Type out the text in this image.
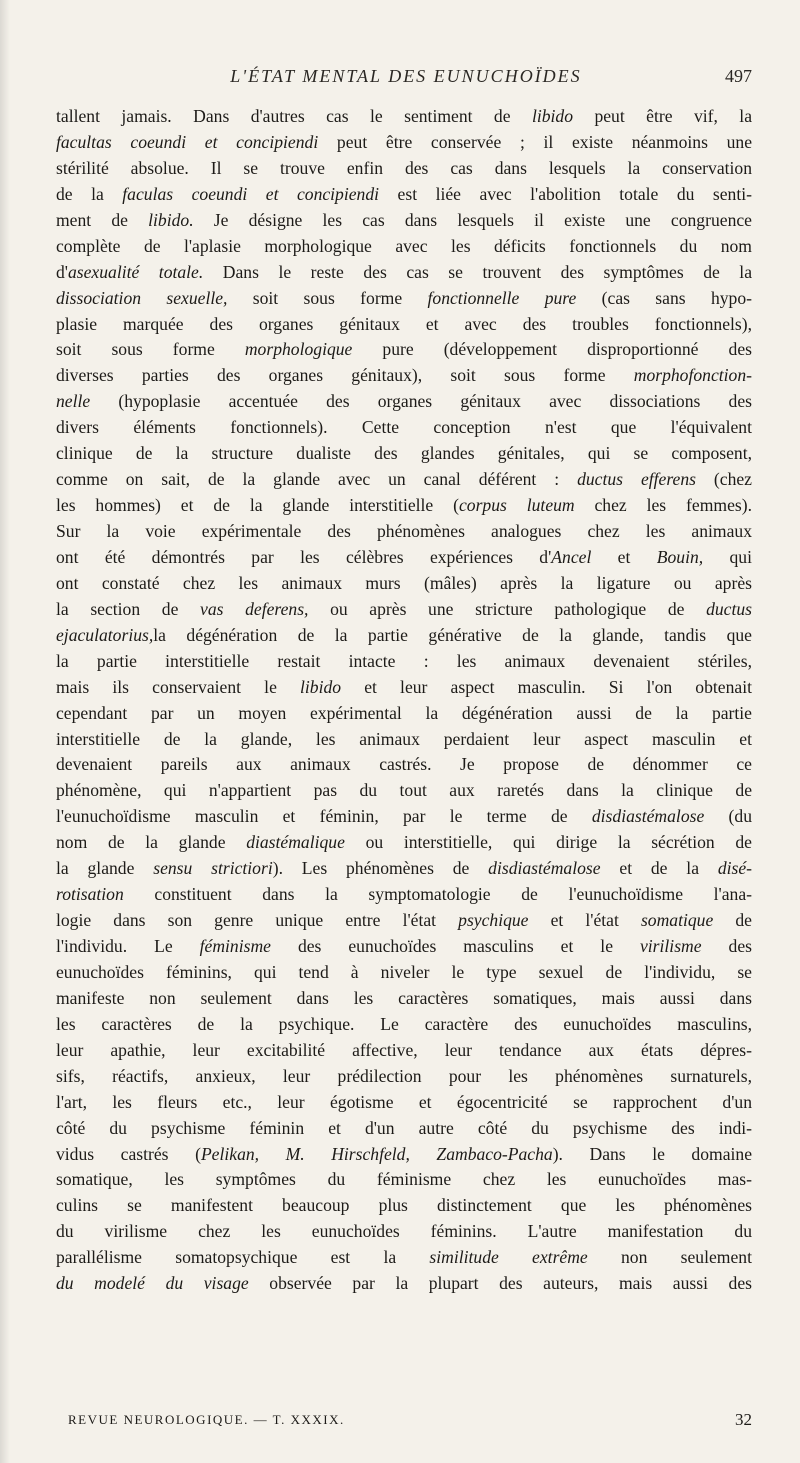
L'ÉTAT MENTAL DES EUNUCHOÏDES	497
tallent jamais. Dans d'autres cas le sentiment de libido peut être vif, la
facultas coeundi et concipiendi peut être conservée ; il existe néanmoins une
stérilité absolue. Il se trouve enfin des cas dans lesquels la conservation
de la faculas coeundi et concipiendi est liée avec l'abolition totale du senti-
ment de libido. Je désigne les cas dans lesquels il existe une congruence
complète de l'aplasie morphologique avec les déficits fonctionnels du nom
d'asexualité totale. Dans le reste des cas se trouvent des symptômes de la
dissociation sexuelle, soit sous forme fonctionnelle pure (cas sans hypo-
plasie marquée des organes génitaux et avec des troubles fonctionnels),
soit sous forme morphologique pure (développement disproportionné des
diverses parties des organes génitaux), soit sous forme morphofonction-
nelle (hypoplasie accentuée des organes génitaux avec dissociations des
divers éléments fonctionnels). Cette conception n'est que l'équivalent
clinique de la structure dualiste des glandes génitales, qui se composent,
comme on sait, de la glande avec un canal déférent : ductus efferens (chez
les hommes) et de la glande interstitielle (corpus luteum chez les femmes).
Sur la voie expérimentale des phénomènes analogues chez les animaux
ont été démontrés par les célèbres expériences d'Ancel et Bouin, qui
ont constaté chez les animaux murs (mâles) après la ligature ou après
la section de vas deferens, ou après une stricture pathologique de ductus
ejaculatorius,la dégénération de la partie générative de la glande, tandis que
la partie interstitielle restait intacte : les animaux devenaient stériles,
mais ils conservaient le libido et leur aspect masculin. Si l'on obtenait
cependant par un moyen expérimental la dégénération aussi de la partie
interstitielle de la glande, les animaux perdaient leur aspect masculin et
devenaient pareils aux animaux castrés. Je propose de dénommer ce
phénomène, qui n'appartient pas du tout aux raretés dans la clinique de
l'eunuchoïdisme masculin et féminin, par le terme de disdiastémalose (du
nom de la glande diastémalique ou interstitielle, qui dirige la sécrétion de
la glande sensu strictiori). Les phénomènes de disdiastémalose et de la disé-
rotisation constituent dans la symptomatologie de l'eunuchoïdisme l'ana-
logie dans son genre unique entre l'état psychique et l'état somatique de
l'individu. Le féminisme des eunuchoïdes masculins et le virilisme des
eunuchoïdes féminins, qui tend à niveler le type sexuel de l'individu, se
manifeste non seulement dans les caractères somatiques, mais aussi dans
les caractères de la psychique. Le caractère des eunuchoïdes masculins,
leur apathie, leur excitabilité affective, leur tendance aux états dépres-
sifs, réactifs, anxieux, leur prédilection pour les phénomènes surnaturels,
l'art, les fleurs etc., leur égotisme et égocentricité se rapprochent d'un
côté du psychisme féminin et d'un autre côté du psychisme des indi-
vidus castrés (Pelikan, M. Hirschfeld, Zambaco-Pacha). Dans le domaine
somatique, les symptômes du féminisme chez les eunuchoïdes mas-
culins se manifestent beaucoup plus distinctement que les phénomènes
du virilisme chez les eunuchoïdes féminins. L'autre manifestation du
parallélisme somatopsychique est la similitude extrême non seulement
du modelé du visage observée par la plupart des auteurs, mais aussi des
REVUE NEUROLOGIQUE. — T. XXXIX.	32
